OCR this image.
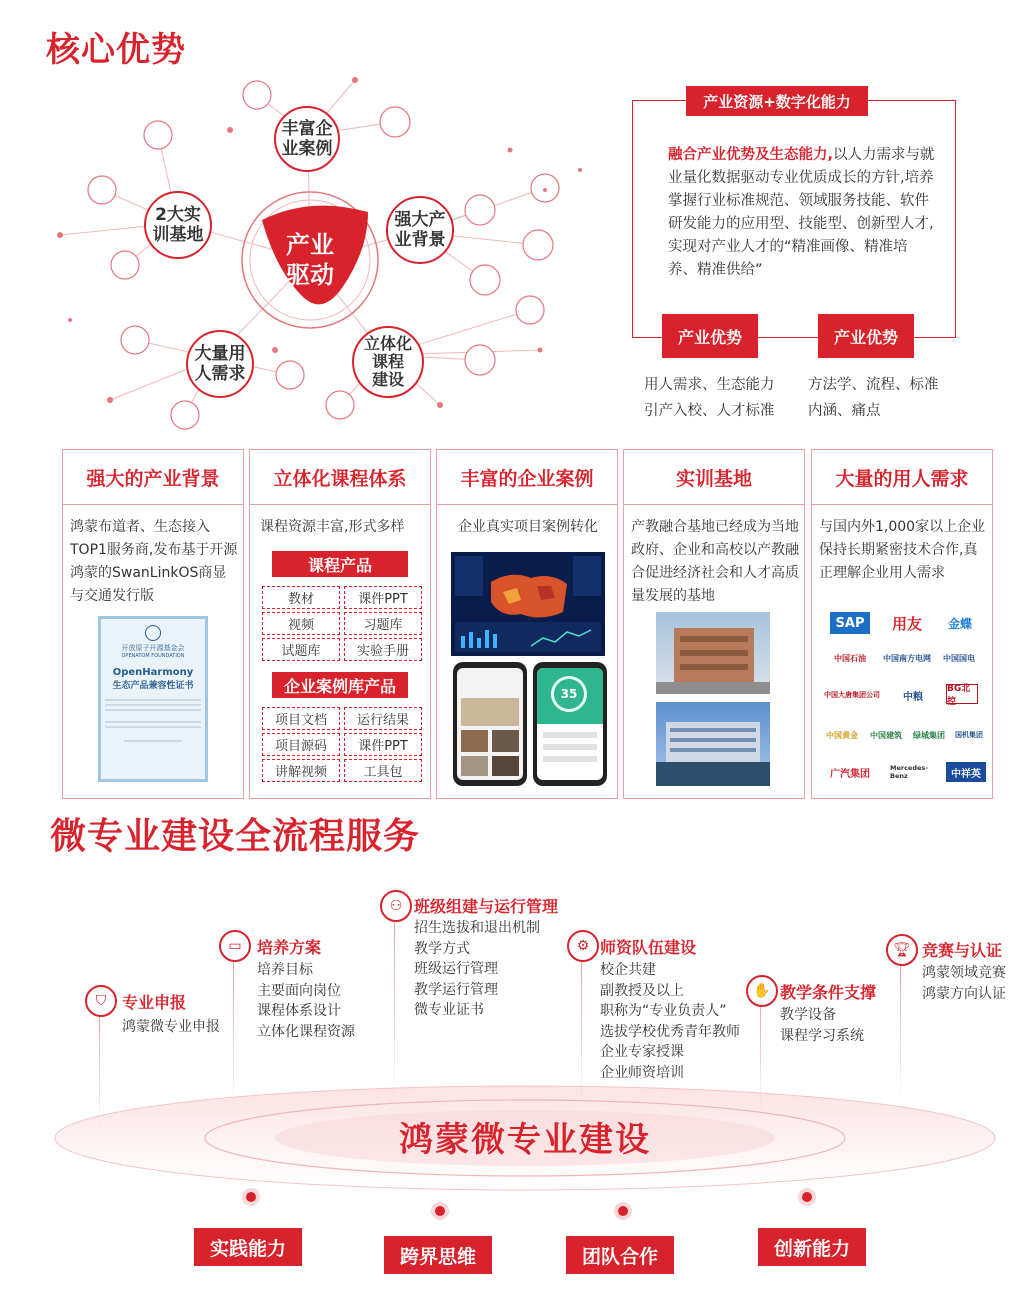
核心优势
产业
驱动
丰富企
业案例
强大产
业背景
2大实
训基地
大量用
人需求
立体化
课程
建设
产业资源+数字化能力
融合产业优势及生态能力,以人力需求与就业量化数据驱动专业优质成长的方针,培养掌握行业标准规范、领域服务技能、软件研发能力的应用型、技能型、创新型人才,实现对产业人才的“精准画像、精准培养、精准供给”
产业优势	产业优势
用人需求、生态能力
引产入校、人才标准
方法学、流程、标准
内涵、痛点
强大的产业背景
鸿蒙布道者、生态接入TOP1服务商,发布基于开源鸿蒙的SwanLinkOS商显与交通发行版
开放原子开源基金会
OPENATOM FOUNDATION
OpenHarmony
生态产品兼容性证书
立体化课程体系
课程资源丰富,形式多样
课程产品
教材	课件PPT
视频	习题库
试题库	实验手册
企业案例库产品
项目文档	运行结果
项目源码	课件PPT
讲解视频	工具包
丰富的企业案例
企业真实项目案例转化
35
实训基地
产教融合基地已经成为当地政府、企业和高校以产教融合促进经济社会和人才高质量发展的基地
大量的用人需求
与国内外1,000家以上企业保持长期紧密技术合作,真正理解企业用人需求
SAP	用友	金蝶
中国石油	中国南方电网	中国国电
中国大唐集团公司	中粮
BG北控
中国黄金	中国建筑	绿城集团	国机集团
广汽集团
Mercedes-Benz	中祥英
微专业建设全流程服务
鸿蒙微专业建设
⛉ 专业申报
鸿蒙微专业申报
▭ 培养方案
培养目标
主要面向岗位
课程体系设计
立体化课程资源
⚇ 班级组建与运行管理
招生选拔和退出机制
教学方式
班级运行管理
教学运行管理
微专业证书
⚙ 师资队伍建设
校企共建
副教授及以上
职称为“专业负责人”
选拔学校优秀青年教师
企业专家授课
企业师资培训
✋ 教学条件支撑
教学设备
课程学习系统
🏆︎ 竞赛与认证
鸿蒙领域竞赛
鸿蒙方向认证
实践能力	跨界思维	团队合作	创新能力
